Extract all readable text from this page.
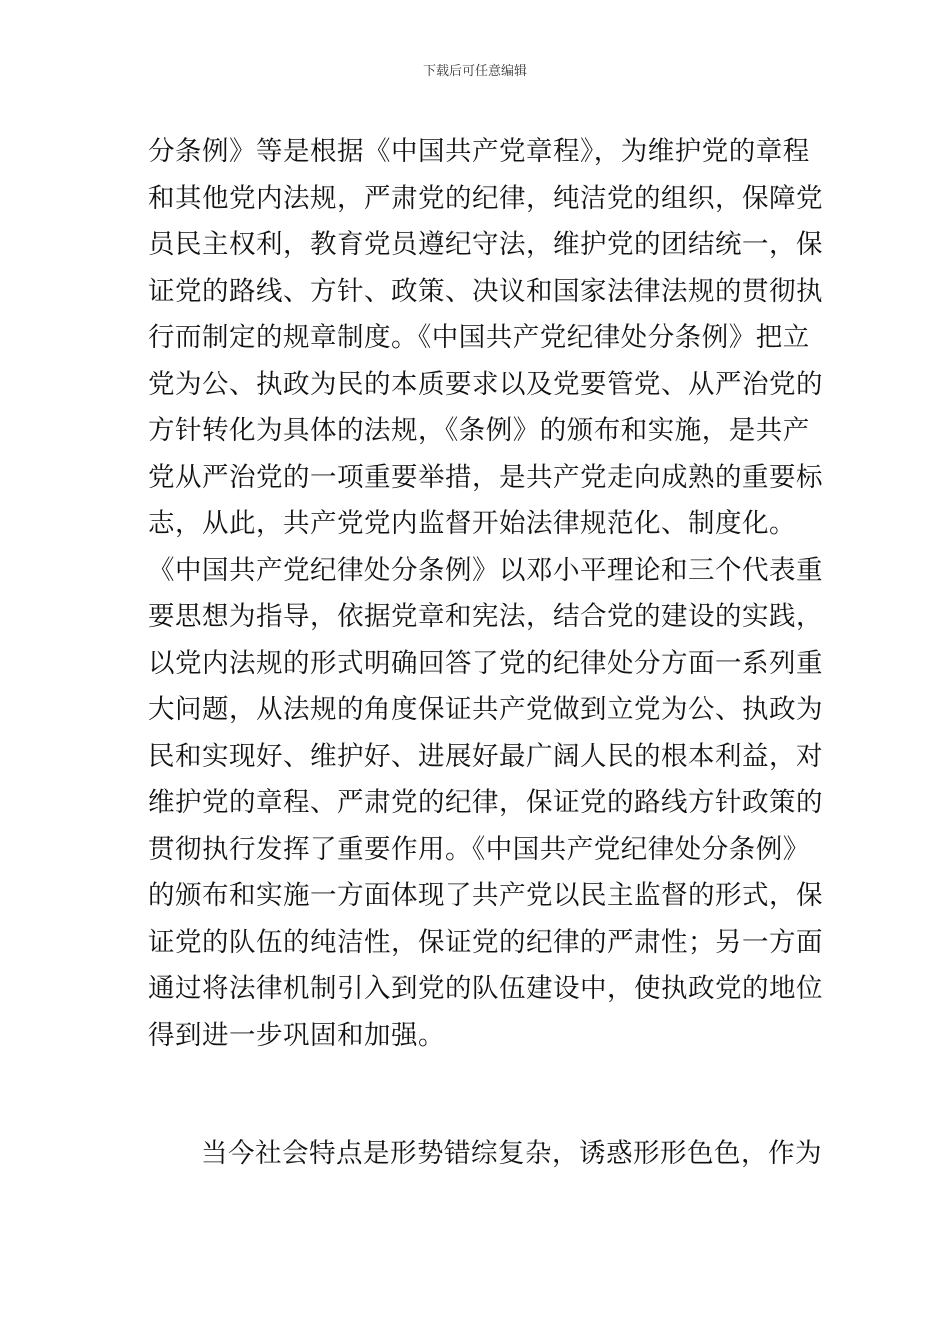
下载后可任意编辑
分条例》等是根据《中国共产党章程》，为维护党的章程
和其他党内法规，严肃党的纪律，纯洁党的组织，保障党
员民主权利，教育党员遵纪守法，维护党的团结统一，保
证党的路线、方针、政策、决议和国家法律法规的贯彻执
行而制定的规章制度。《中国共产党纪律处分条例》把立
党为公、执政为民的本质要求以及党要管党、从严治党的
方针转化为具体的法规，《条例》的颁布和实施，是共产
党从严治党的一项重要举措，是共产党走向成熟的重要标
志，从此，共产党党内监督开始法律规范化、制度化。
《中国共产党纪律处分条例》以邓小平理论和三个代表重
要思想为指导，依据党章和宪法，结合党的建设的实践，
以党内法规的形式明确回答了党的纪律处分方面一系列重
大问题，从法规的角度保证共产党做到立党为公、执政为
民和实现好、维护好、进展好最广阔人民的根本利益，对
维护党的章程、严肃党的纪律，保证党的路线方针政策的
贯彻执行发挥了重要作用。《中国共产党纪律处分条例》
的颁布和实施一方面体现了共产党以民主监督的形式，保
证党的队伍的纯洁性，保证党的纪律的严肃性；另一方面
通过将法律机制引入到党的队伍建设中，使执政党的地位
得到进一步巩固和加强。
当今社会特点是形势错综复杂，诱惑形形色色，作为
